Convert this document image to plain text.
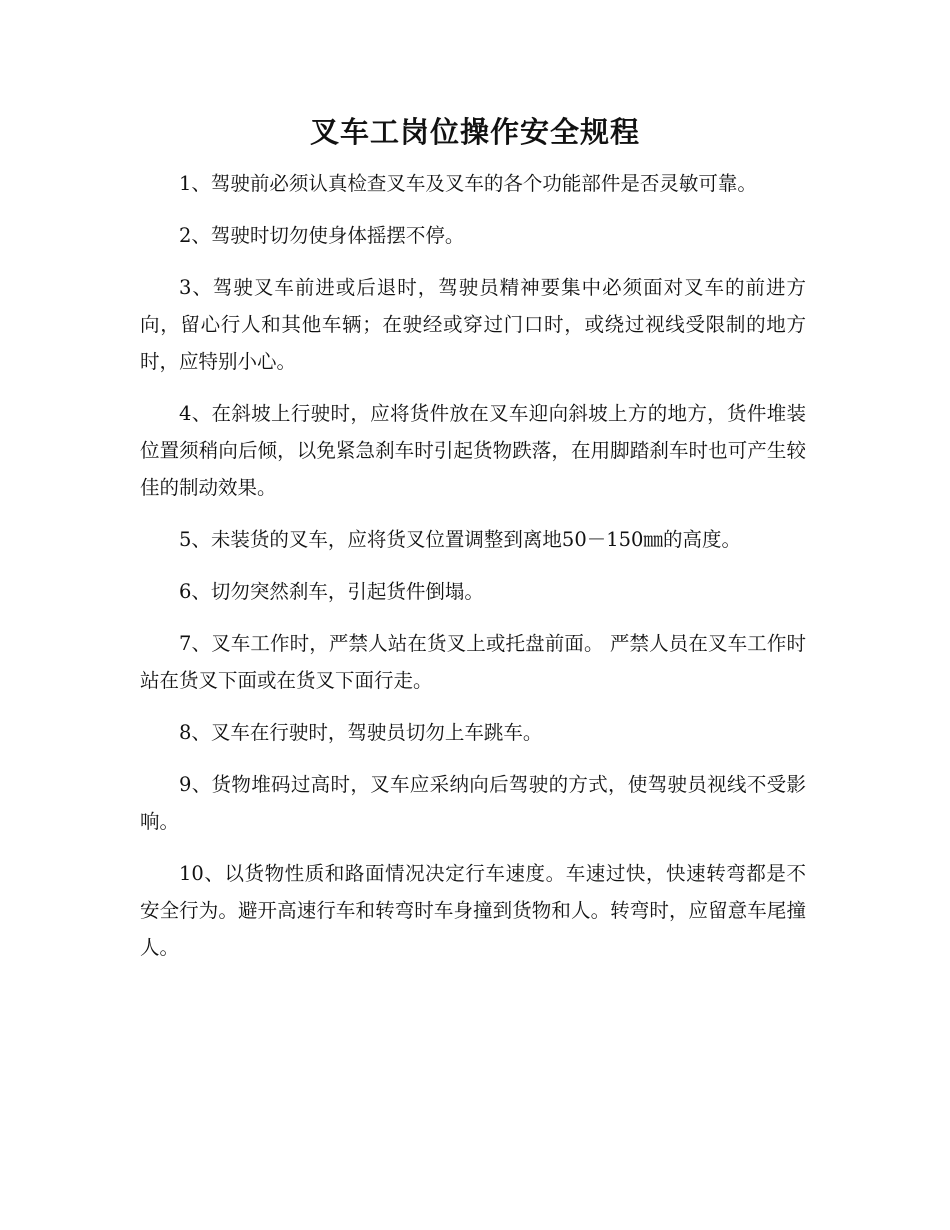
叉车工岗位操作安全规程

1、驾驶前必须认真检查叉车及叉车的各个功能部件是否灵敏可靠。

2、驾驶时切勿使身体摇摆不停。

3、驾驶叉车前进或后退时，驾驶员精神要集中必须面对叉车的前进方向，留心行人和其他车辆；在驶经或穿过门口时，或绕过视线受限制的地方时，应特别小心。

4、在斜坡上行驶时，应将货件放在叉车迎向斜坡上方的地方，货件堆装位置须稍向后倾，以免紧急刹车时引起货物跌落，在用脚踏刹车时也可产生较佳的制动效果。

5、未装货的叉车，应将货叉位置调整到离地50－150㎜的高度。

6、切勿突然刹车，引起货件倒塌。

7、叉车工作时，严禁人站在货叉上或托盘前面。 严禁人员在叉车工作时站在货叉下面或在货叉下面行走。

8、叉车在行驶时，驾驶员切勿上车跳车。

9、货物堆码过高时，叉车应采纳向后驾驶的方式，使驾驶员视线不受影响。

10、以货物性质和路面情况决定行车速度。车速过快，快速转弯都是不安全行为。避开高速行车和转弯时车身撞到货物和人。转弯时，应留意车尾撞人。
